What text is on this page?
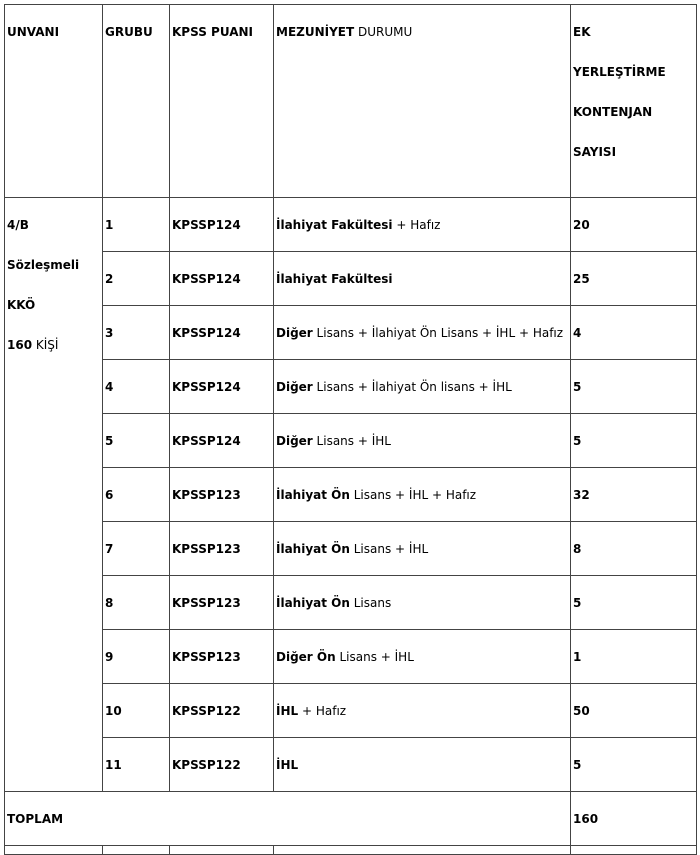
UNVANI	GRUBU	KPSS PUANI	MEZUNİYET DURUMU	EK
YERLEŞTİRME
KONTENJAN
SAYISI

4/B
Sözleşmeli
KKÖ
160 KİŞİ	1	KPSSP124	İlahiyat Fakültesi + Hafız	20
	2	KPSSP124	İlahiyat Fakültesi	25
	3	KPSSP124	Diğer Lisans + İlahiyat Ön Lisans + İHL + Hafız	4
	4	KPSSP124	Diğer Lisans + İlahiyat Ön lisans + İHL	5
	5	KPSSP124	Diğer Lisans + İHL	5
	6	KPSSP123	İlahiyat Ön Lisans + İHL + Hafız	32
	7	KPSSP123	İlahiyat Ön Lisans + İHL	8
	8	KPSSP123	İlahiyat Ön Lisans	5
	9	KPSSP123	Diğer Ön Lisans + İHL	1
	10	KPSSP122	İHL + Hafız	50
	11	KPSSP122	İHL	5
TOPLAM				160
